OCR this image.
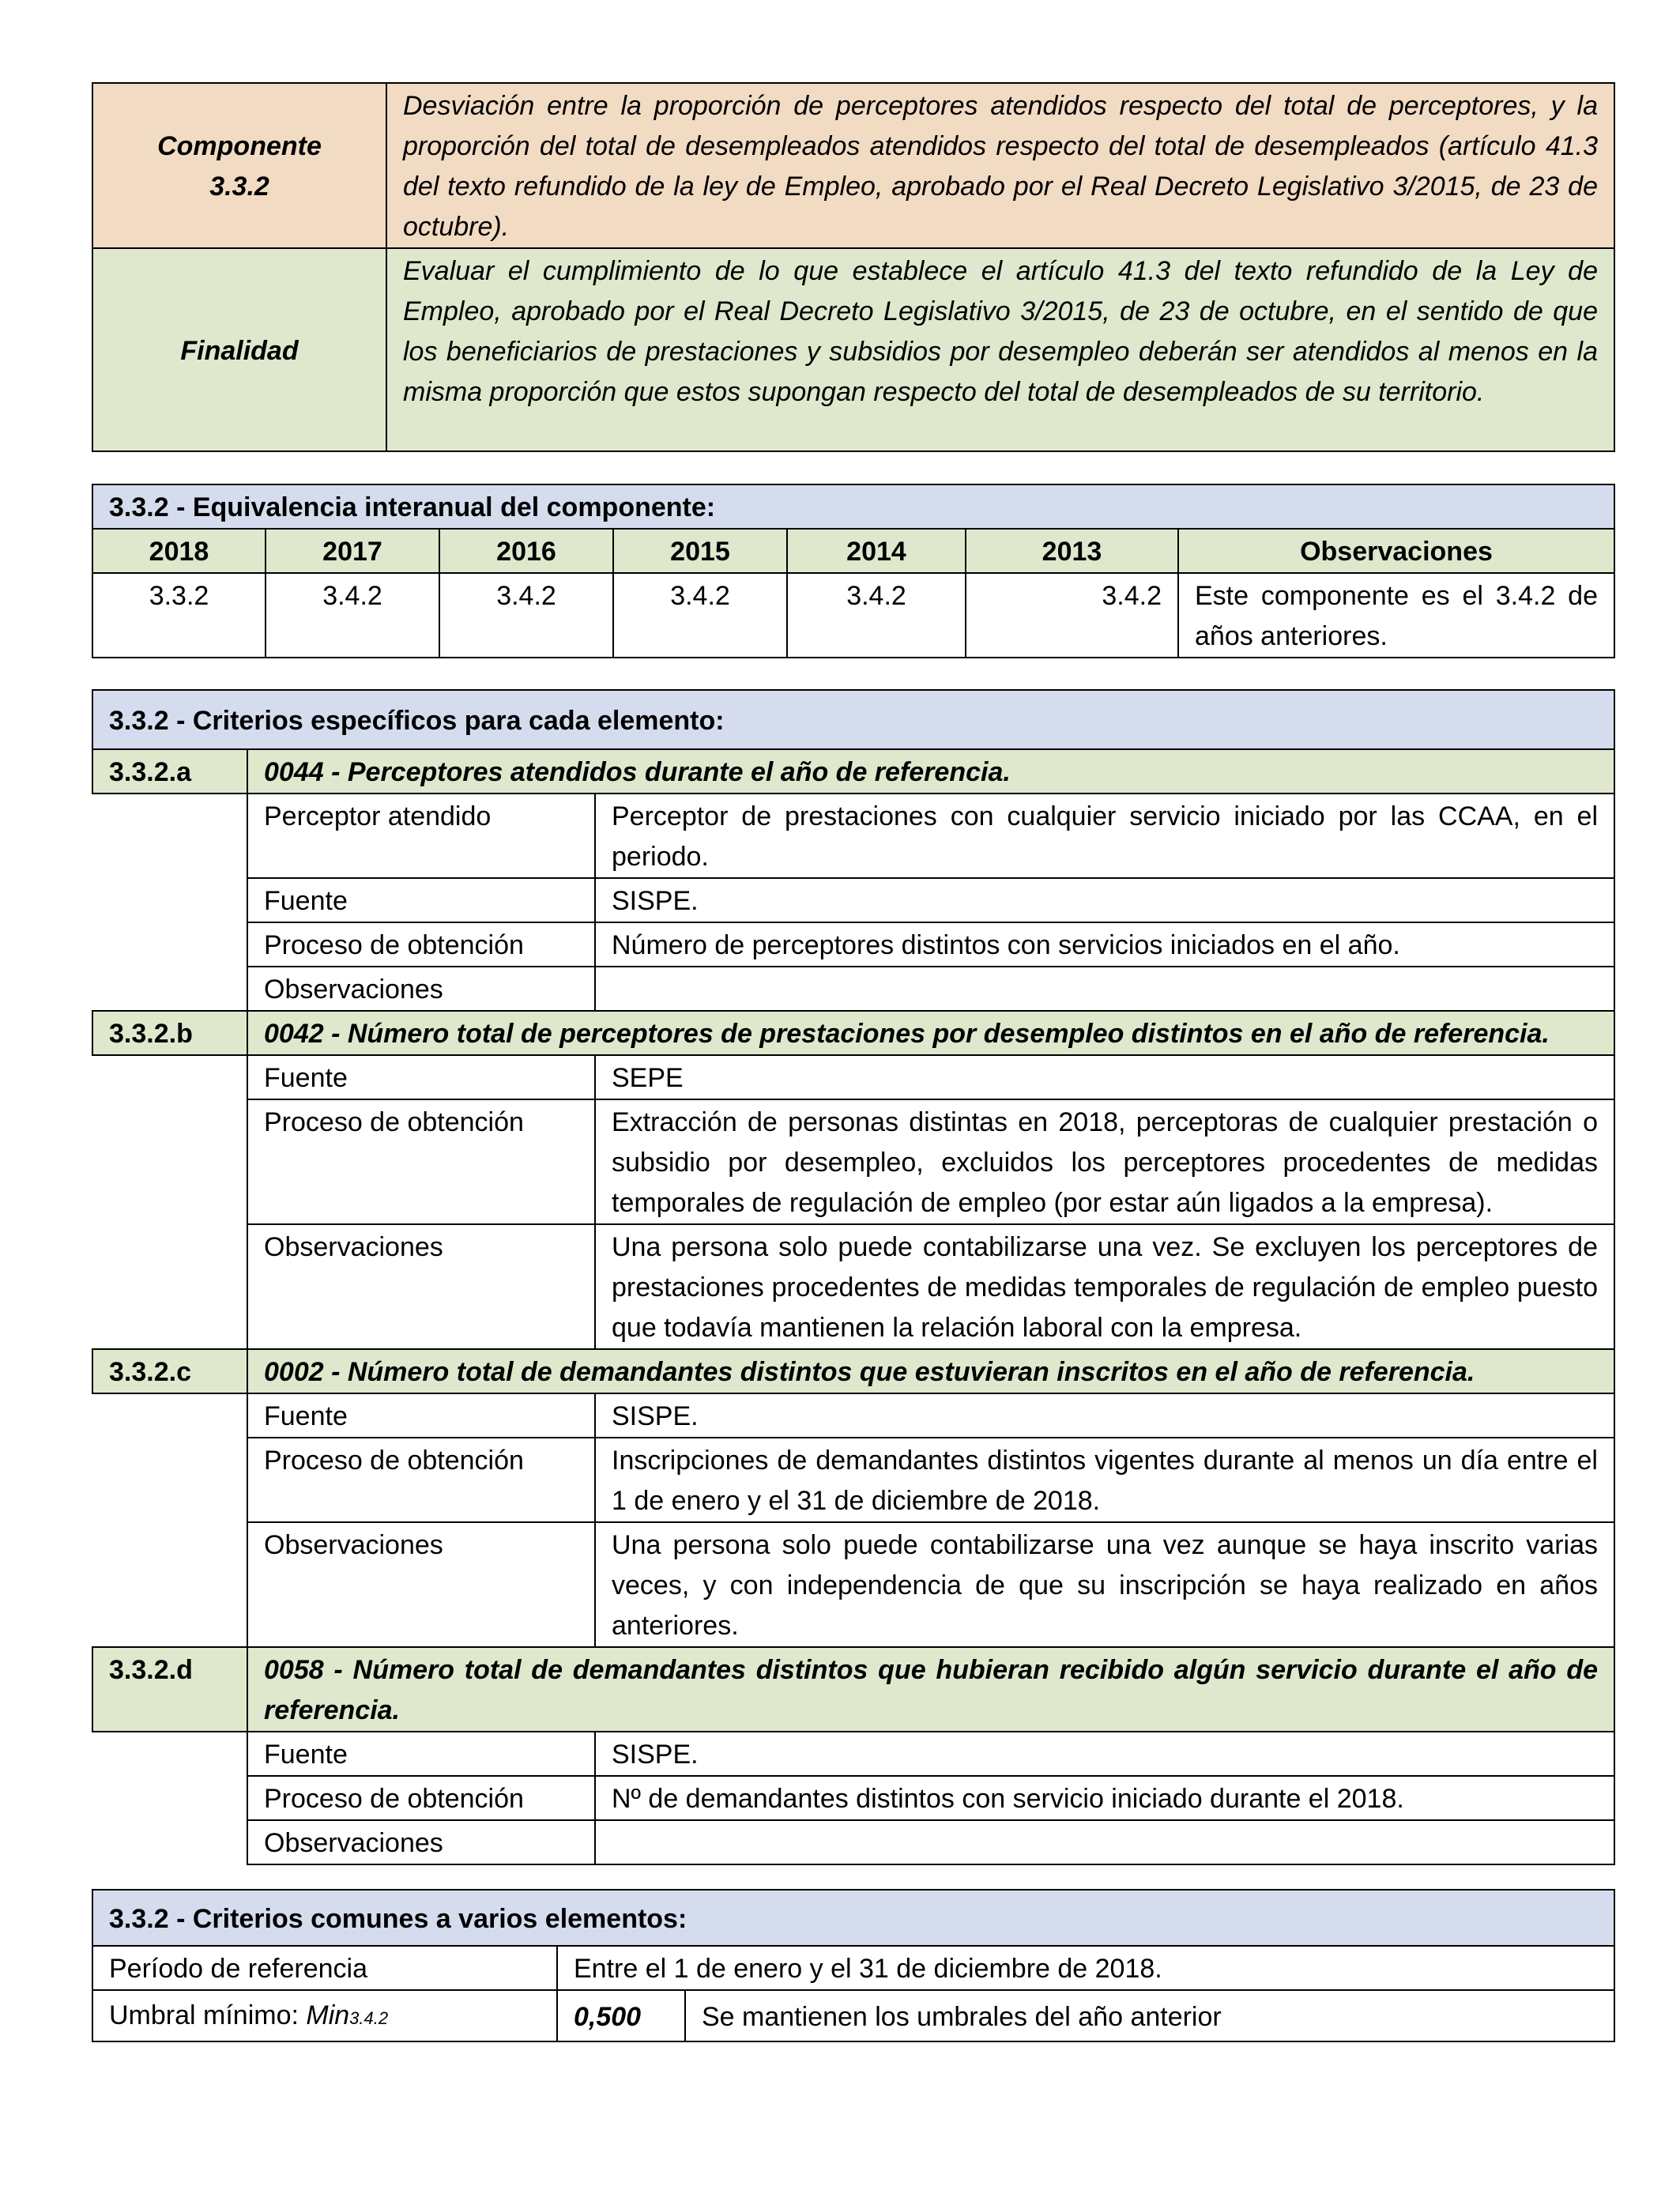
Componente
3.3.2	Desviación entre la proporción de perceptores atendidos respecto del total de perceptores, y la proporción del total de desempleados atendidos respecto del total de desempleados (artículo 41.3 del texto refundido de la ley de Empleo, aprobado por el Real Decreto Legislativo 3/2015, de 23 de octubre).
Finalidad	Evaluar el cumplimiento de lo que establece el artículo 41.3 del texto refundido de la Ley de Empleo, aprobado por el Real Decreto Legislativo 3/2015, de 23 de octubre, en el sentido de que los beneficiarios de prestaciones y subsidios por desempleo deberán ser atendidos al menos en la misma proporción que estos supongan respecto del total de desempleados de su territorio.
3.3.2 - Equivalencia interanual del componente:						
2018	2017	2016	2015	2014	2013	Observaciones
3.3.2	3.4.2	3.4.2	3.4.2	3.4.2	3.4.2	Este componente es el 3.4.2 de años anteriores.
3.3.2 - Criterios específicos para cada elemento:		
3.3.2.a	0044 - Perceptores atendidos durante el año de referencia.	
	Perceptor atendido	Perceptor de prestaciones con cualquier servicio iniciado por las CCAA, en el periodo.
	Fuente	SISPE.
	Proceso de obtención	Número de perceptores distintos con servicios iniciados en el año.
	Observaciones	
3.3.2.b	0042 - Número total de perceptores de prestaciones por desempleo distintos en el año de referencia.	
	Fuente	SEPE
	Proceso de obtención	Extracción de personas distintas en 2018, perceptoras de cualquier prestación o subsidio por desempleo, excluidos los perceptores procedentes de medidas temporales de regulación de empleo (por estar aún ligados a la empresa).
	Observaciones	Una persona solo puede contabilizarse una vez. Se excluyen los perceptores de prestaciones procedentes de medidas temporales de regulación de empleo puesto que todavía mantienen la relación laboral con la empresa.
3.3.2.c	0002 - Número total de demandantes distintos que estuvieran inscritos en el año de referencia.	
	Fuente	SISPE.
	Proceso de obtención	Inscripciones de demandantes distintos vigentes durante al menos un día entre el 1 de enero y el 31 de diciembre de 2018.
	Observaciones	Una persona solo puede contabilizarse una vez aunque se haya inscrito varias veces, y con independencia de que su inscripción se haya realizado en años anteriores.
3.3.2.d	0058 - Número total de demandantes distintos que hubieran recibido algún servicio durante el año de referencia.	
	Fuente	SISPE.
	Proceso de obtención	Nº de demandantes distintos con servicio iniciado durante el 2018.
	Observaciones	
3.3.2 - Criterios comunes a varios elementos:		
Período de referencia	Entre el 1 de enero y el 31 de diciembre de 2018.	
Umbral mínimo: Min3.4.2	0,500	Se mantienen los umbrales del año anterior
